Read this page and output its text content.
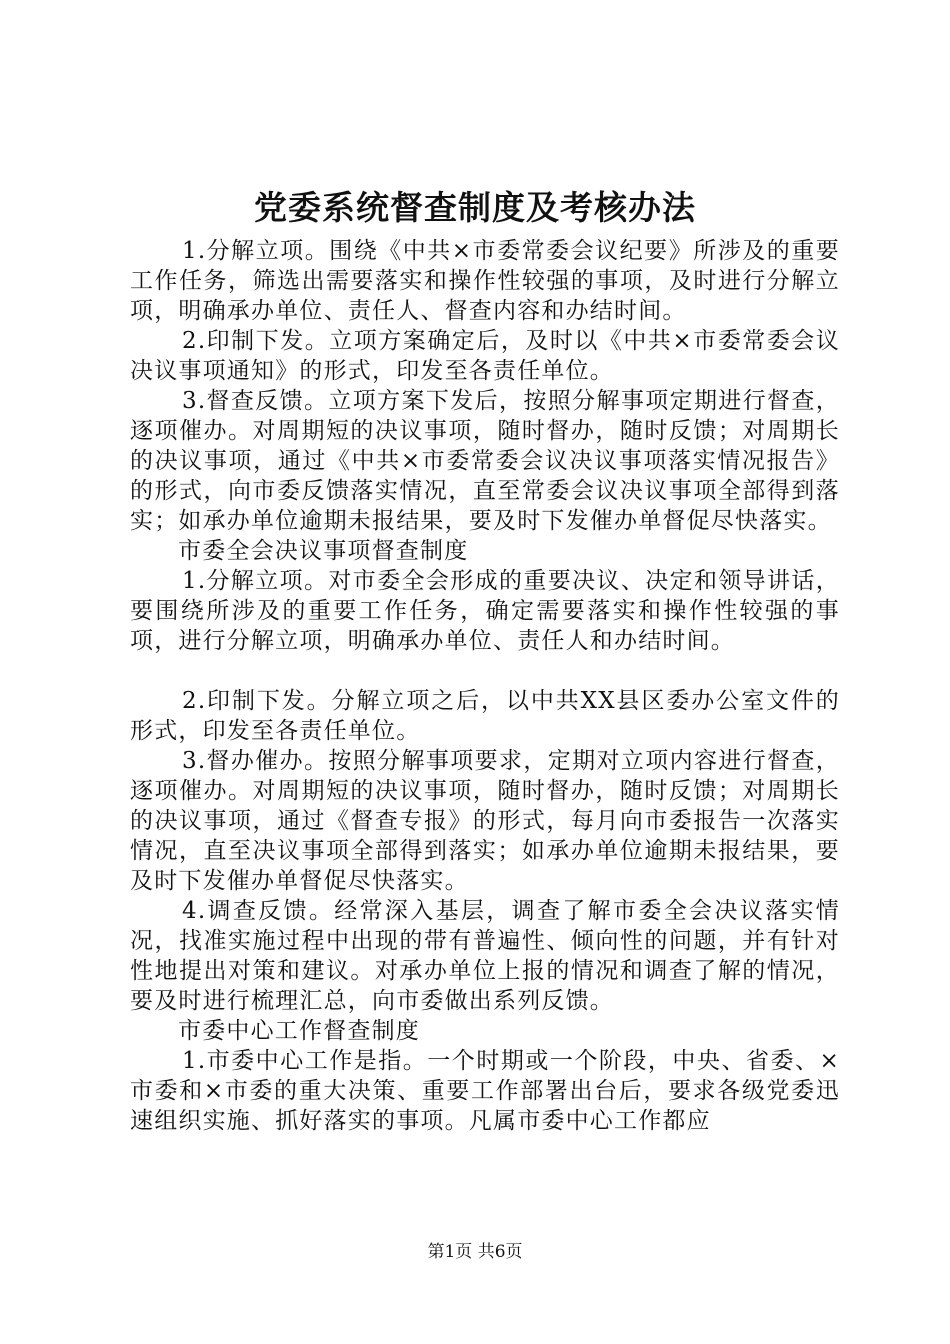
党委系统督查制度及考核办法

1.分解立项。围绕《中共×市委常委会议纪要》所涉及的重要工作任务，筛选出需要落实和操作性较强的事项，及时进行分解立项，明确承办单位、责任人、督查内容和办结时间。

2.印制下发。立项方案确定后，及时以《中共×市委常委会议决议事项通知》的形式，印发至各责任单位。

3.督查反馈。立项方案下发后，按照分解事项定期进行督查，逐项催办。对周期短的决议事项，随时督办，随时反馈；对周期长的决议事项，通过《中共×市委常委会议决议事项落实情况报告》的形式，向市委反馈落实情况，直至常委会议决议事项全部得到落实；如承办单位逾期未报结果，要及时下发催办单督促尽快落实。

市委全会决议事项督查制度

1.分解立项。对市委全会形成的重要决议、决定和领导讲话，要围绕所涉及的重要工作任务，确定需要落实和操作性较强的事项，进行分解立项，明确承办单位、责任人和办结时间。

2.印制下发。分解立项之后，以中共XX县区委办公室文件的形式，印发至各责任单位。

3.督办催办。按照分解事项要求，定期对立项内容进行督查，逐项催办。对周期短的决议事项，随时督办，随时反馈；对周期长的决议事项，通过《督查专报》的形式，每月向市委报告一次落实情况，直至决议事项全部得到落实；如承办单位逾期未报结果，要及时下发催办单督促尽快落实。

4.调查反馈。经常深入基层，调查了解市委全会决议落实情况，找准实施过程中出现的带有普遍性、倾向性的问题，并有针对性地提出对策和建议。对承办单位上报的情况和调查了解的情况，要及时进行梳理汇总，向市委做出系列反馈。

市委中心工作督查制度

1.市委中心工作是指。一个时期或一个阶段，中央、省委、×市委和×市委的重大决策、重要工作部署出台后，要求各级党委迅速组织实施、抓好落实的事项。凡属市委中心工作都应

第1页 共6页
